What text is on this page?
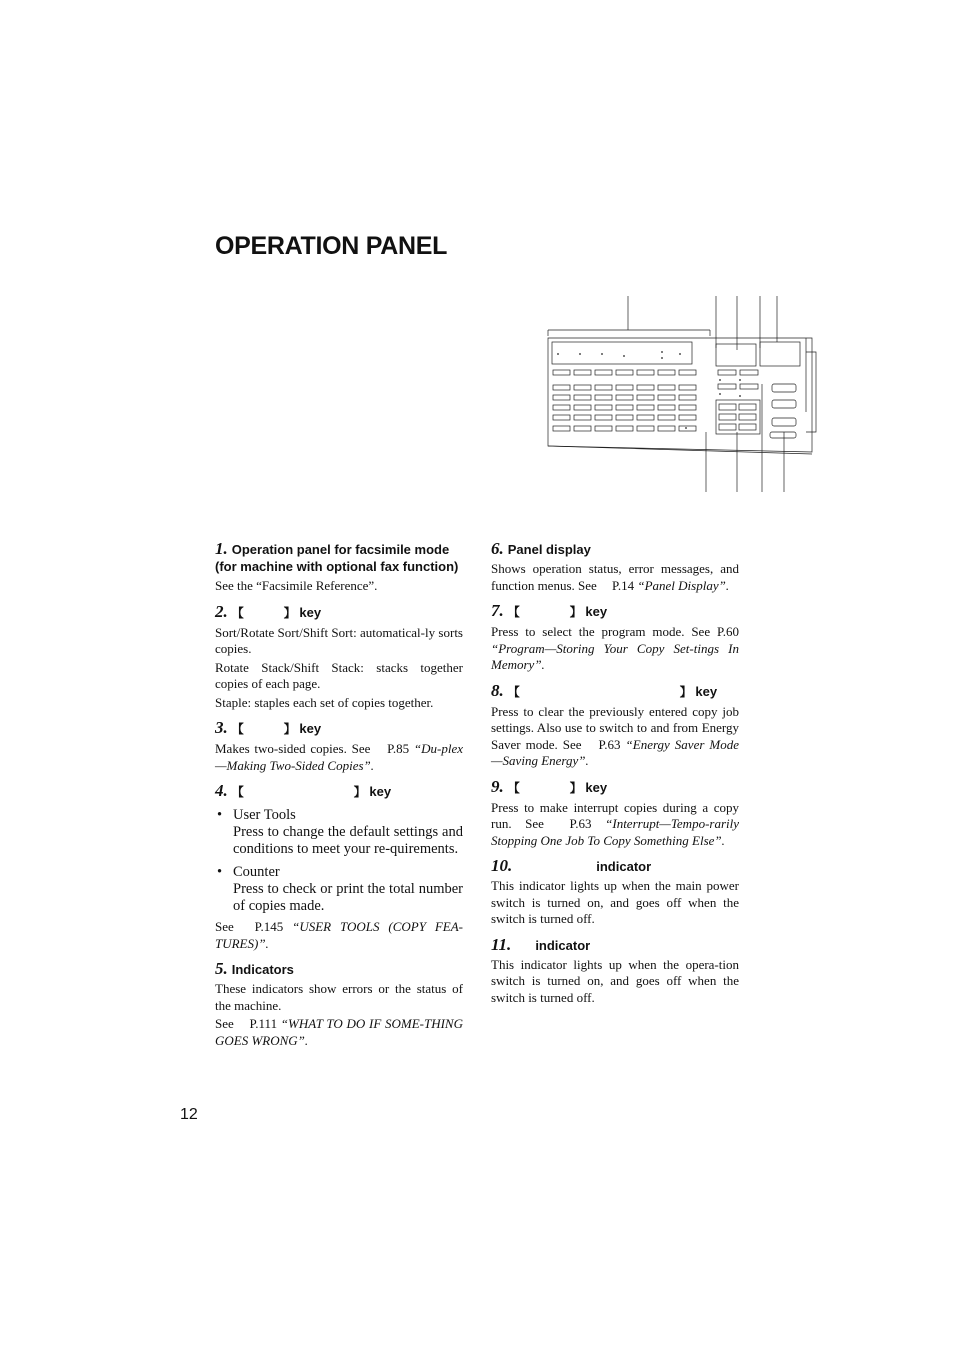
OPERATION PANEL

1. Operation panel for facsimile mode (for machine with optional fax function)

See the “Facsimile Reference”.

2. 【	】 key

Sort/Rotate Sort/Shift Sort: automatical-ly sorts copies.

Rotate Stack/Shift Stack: stacks together copies of each page.

Staple: staples each set of copies together.

3. 【	】 key

Makes two-sided copies. See P.85 “Du-plex—Making Two-Sided Copies”.

4. 【	】 key

• User Tools
Press to change the default settings and conditions to meet your re-quirements.
• Counter
Press to check or print the total number of copies made.

See P.145 “USER TOOLS (COPY FEA-TURES)”.

5. Indicators

These indicators show errors or the status of the machine.

See P.111 “WHAT TO DO IF SOME-THING GOES WRONG”.

6. Panel display

Shows operation status, error messages, and function menus. See P.14 “Panel Display”.

7. 【	】 key

Press to select the program mode. See P.60 “Program—Storing Your Copy Set-tings In Memory”.

8. 【	】 key

Press to clear the previously entered copy job settings. Also use to switch to and from Energy Saver mode. See P.63 “Energy Saver Mode—Saving Energy”.

9. 【	】 key

Press to make interrupt copies during a copy run. See P.63 “Interrupt—Tempo-rarily Stopping One Job To Copy Something Else”.

10.	indicator

This indicator lights up when the main power switch is turned on, and goes off when the switch is turned off.

11. indicator

This indicator lights up when the opera-tion switch is turned on, and goes off when the switch is turned off.

12
